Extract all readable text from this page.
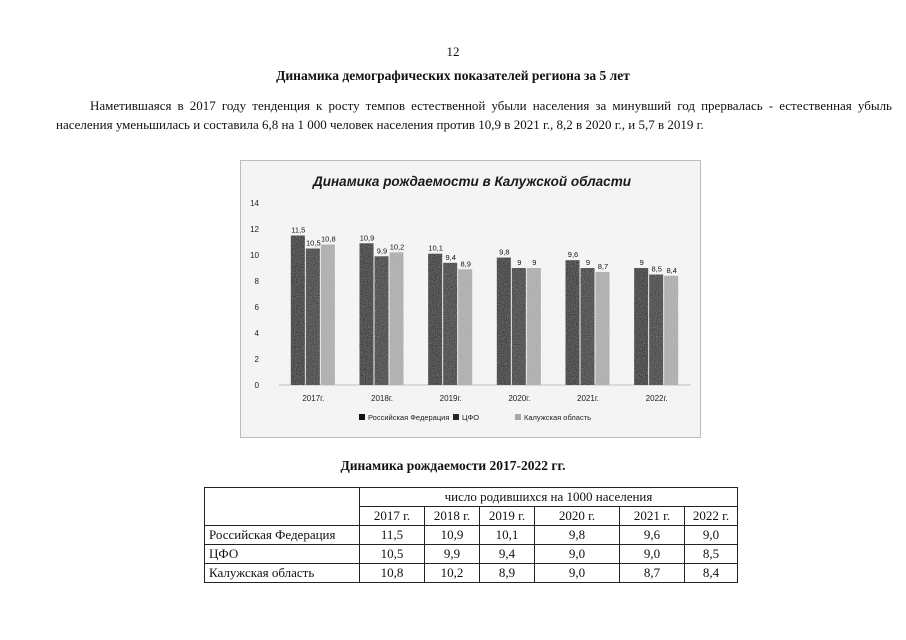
12
Динамика демографических показателей региона за 5 лет
Наметившаяся в 2017 году тенденция к росту темпов естественной убыли населения за минувший год прервалась - естественная убыль населения уменьшилась и составила 6,8 на 1 000 человек населения против 10,9 в 2021 г., 8,2 в 2020 г., и 5,7 в 2019 г.
Динамика рождаемости в Калужской области
0
2
4
6
8
10
12
14
11,5
10,5 10,8
2017г.
10,9
9,9 10,2
2018г.
10,1
9,4
8,9
2019г.
9,8
9 9
2020г.
9,6
9 8,7
2021г.
9
8,5 8,4
2022г.
Российская Федерация ЦФО	Калужская область
Динамика рождаемости 2017-2022 гг.
	число родившихся на 1000 населения					
	2017 г.	2018 г.	2019 г.	2020 г.	2021 г.	2022 г.
Российская Федерация	11,5	10,9	10,1	9,8	9,6	9,0
ЦФО	10,5	9,9	9,4	9,0	9,0	8,5
Калужская область	10,8	10,2	8,9	9,0	8,7	8,4
